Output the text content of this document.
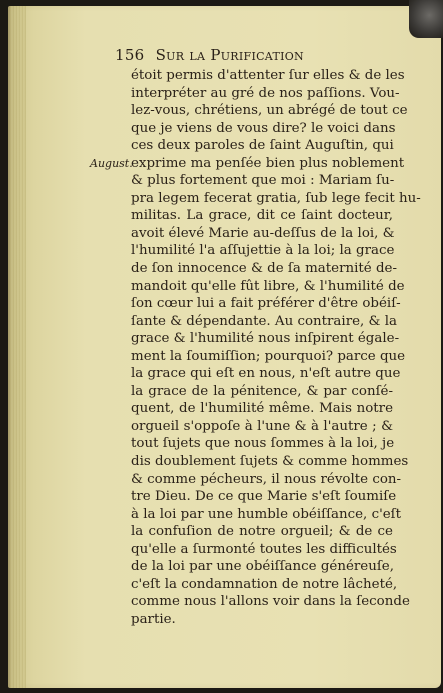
156 Sur la Purification
August.
étoit permis d'attenter ſur elles & de les
interpréter au gré de nos paſſions. Vou-
lez-vous, chrétiens, un abrégé de tout ce
que je viens de vous dire? le voici dans
ces deux paroles de ſaint Auguſtin, qui
exprime ma penſée bien plus noblement
& plus fortement que moi : Mariam ſu-
pra legem fecerat gratia, ſub lege fecit hu-
militas. La grace, dit ce ſaint docteur,
avoit élevé Marie au-deſſus de la loi, &
l'humilité l'a aſſujettie à la loi; la grace
de ſon innocence & de ſa maternité de-
mandoit qu'elle fût libre, & l'humilité de
ſon cœur lui a fait préférer d'être obéiſ-
ſante & dépendante. Au contraire, & la
grace & l'humilité nous inſpirent égale-
ment la ſoumiſſion; pourquoi? parce que
la grace qui eſt en nous, n'eſt autre que
la grace de la pénitence, & par conſé-
quent, de l'humilité même. Mais notre
orgueil s'oppoſe à l'une & à l'autre ; &
tout ſujets que nous ſommes à la loi, je
dis doublement ſujets & comme hommes
& comme pécheurs, il nous révolte con-
tre Dieu. De ce que Marie s'eſt ſoumiſe
à la loi par une humble obéiſſance, c'eſt
la confuſion de notre orgueil; & de ce
qu'elle a ſurmonté toutes les difficultés
de la loi par une obéiſſance généreuſe,
c'eſt la condamnation de notre lâcheté,
comme nous l'allons voir dans la ſeconde
partie.
